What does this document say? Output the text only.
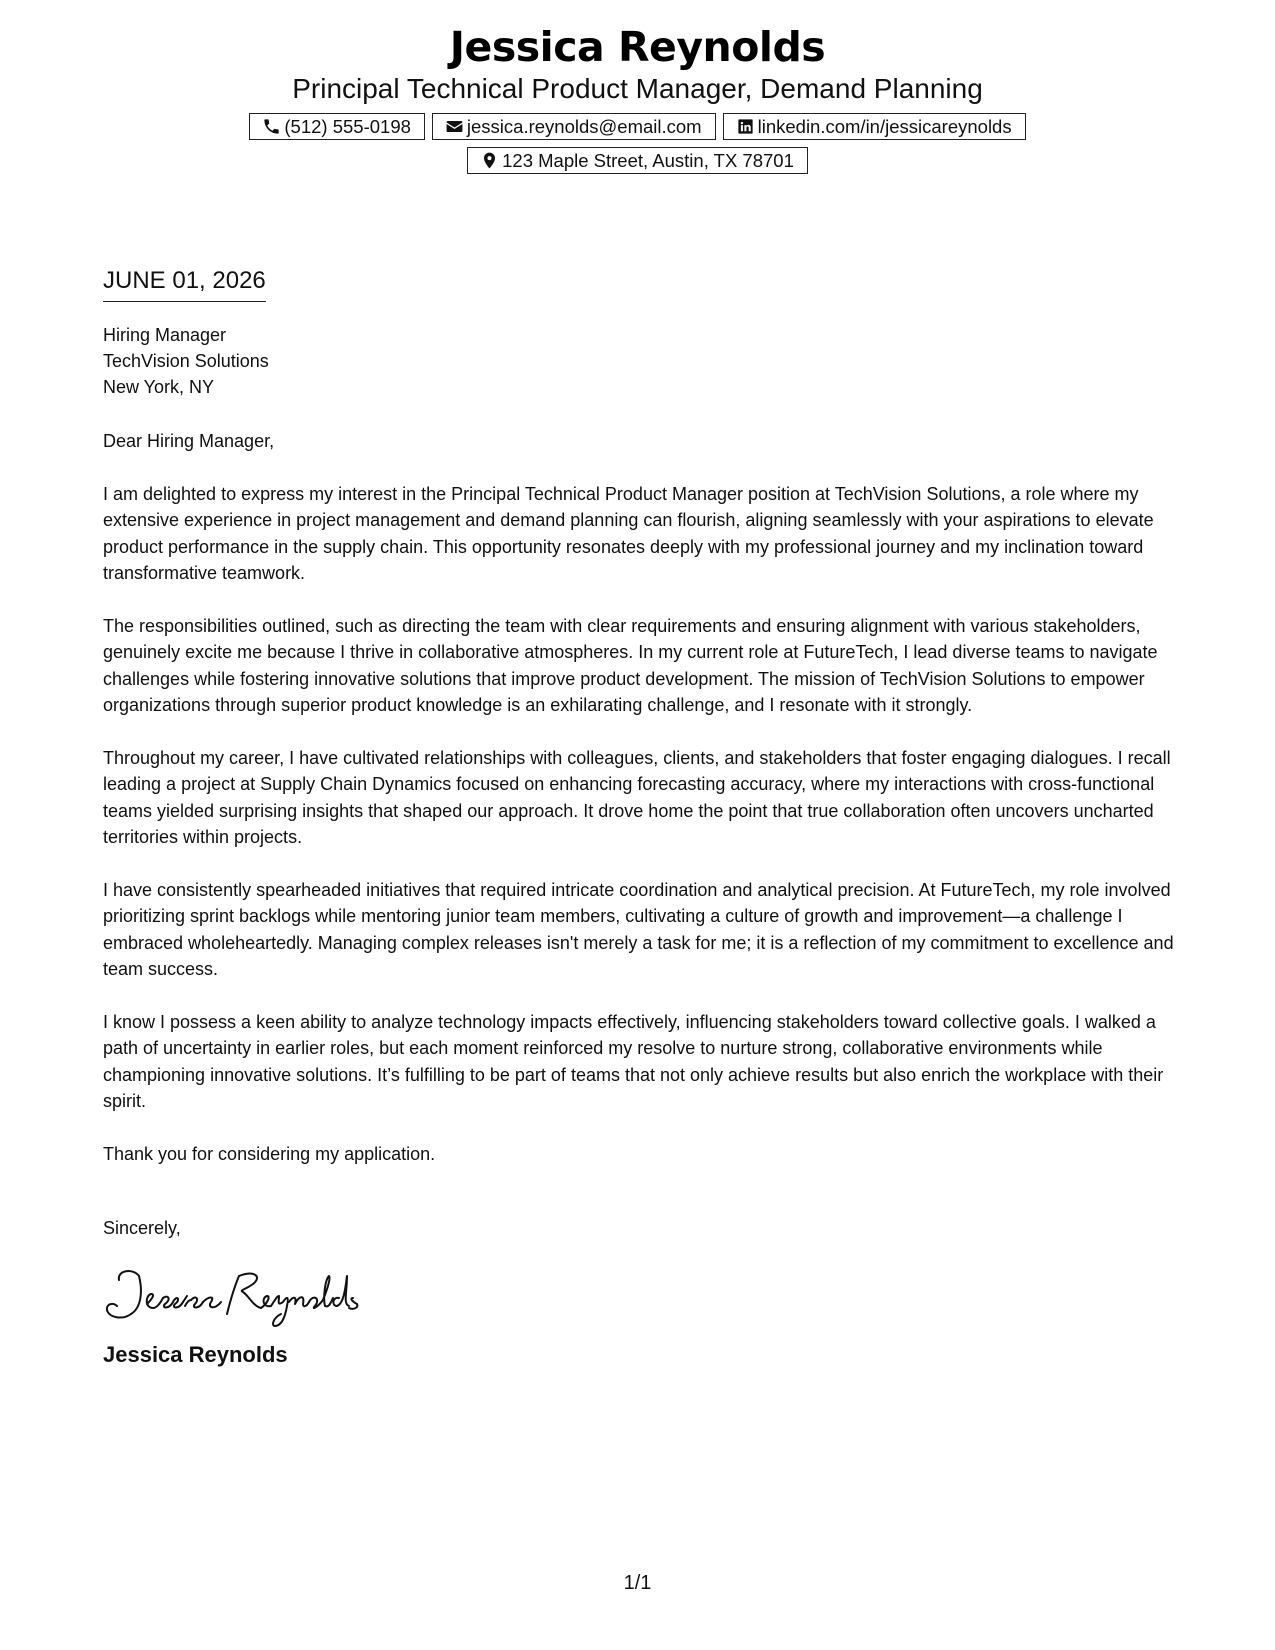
Jessica Reynolds
Principal Technical Product Manager, Demand Planning
(512) 555-0198	jessica.reynolds@email.com	linkedin.com/in/jessicareynolds
123 Maple Street, Austin, TX 78701
JUNE 01, 2026
Hiring Manager
TechVision Solutions
New York, NY
Dear Hiring Manager,
I am delighted to express my interest in the Principal Technical Product Manager position at TechVision Solutions, a role where my extensive experience in project management and demand planning can flourish, aligning seamlessly with your aspirations to elevate product performance in the supply chain. This opportunity resonates deeply with my professional journey and my inclination toward transformative teamwork.
The responsibilities outlined, such as directing the team with clear requirements and ensuring alignment with various stakeholders, genuinely excite me because I thrive in collaborative atmospheres. In my current role at FutureTech, I lead diverse teams to navigate challenges while fostering innovative solutions that improve product development. The mission of TechVision Solutions to empower organizations through superior product knowledge is an exhilarating challenge, and I resonate with it strongly.
Throughout my career, I have cultivated relationships with colleagues, clients, and stakeholders that foster engaging dialogues. I recall leading a project at Supply Chain Dynamics focused on enhancing forecasting accuracy, where my interactions with cross-functional teams yielded surprising insights that shaped our approach. It drove home the point that true collaboration often uncovers uncharted territories within projects.
I have consistently spearheaded initiatives that required intricate coordination and analytical precision. At FutureTech, my role involved prioritizing sprint backlogs while mentoring junior team members, cultivating a culture of growth and improvement—a challenge I embraced wholeheartedly. Managing complex releases isn't merely a task for me; it is a reflection of my commitment to excellence and team success.
I know I possess a keen ability to analyze technology impacts effectively, influencing stakeholders toward collective goals. I walked a path of uncertainty in earlier roles, but each moment reinforced my resolve to nurture strong, collaborative environments while championing innovative solutions. It’s fulfilling to be part of teams that not only achieve results but also enrich the workplace with their spirit.
Thank you for considering my application.
Sincerely,
Jessica Reynolds
1/1
